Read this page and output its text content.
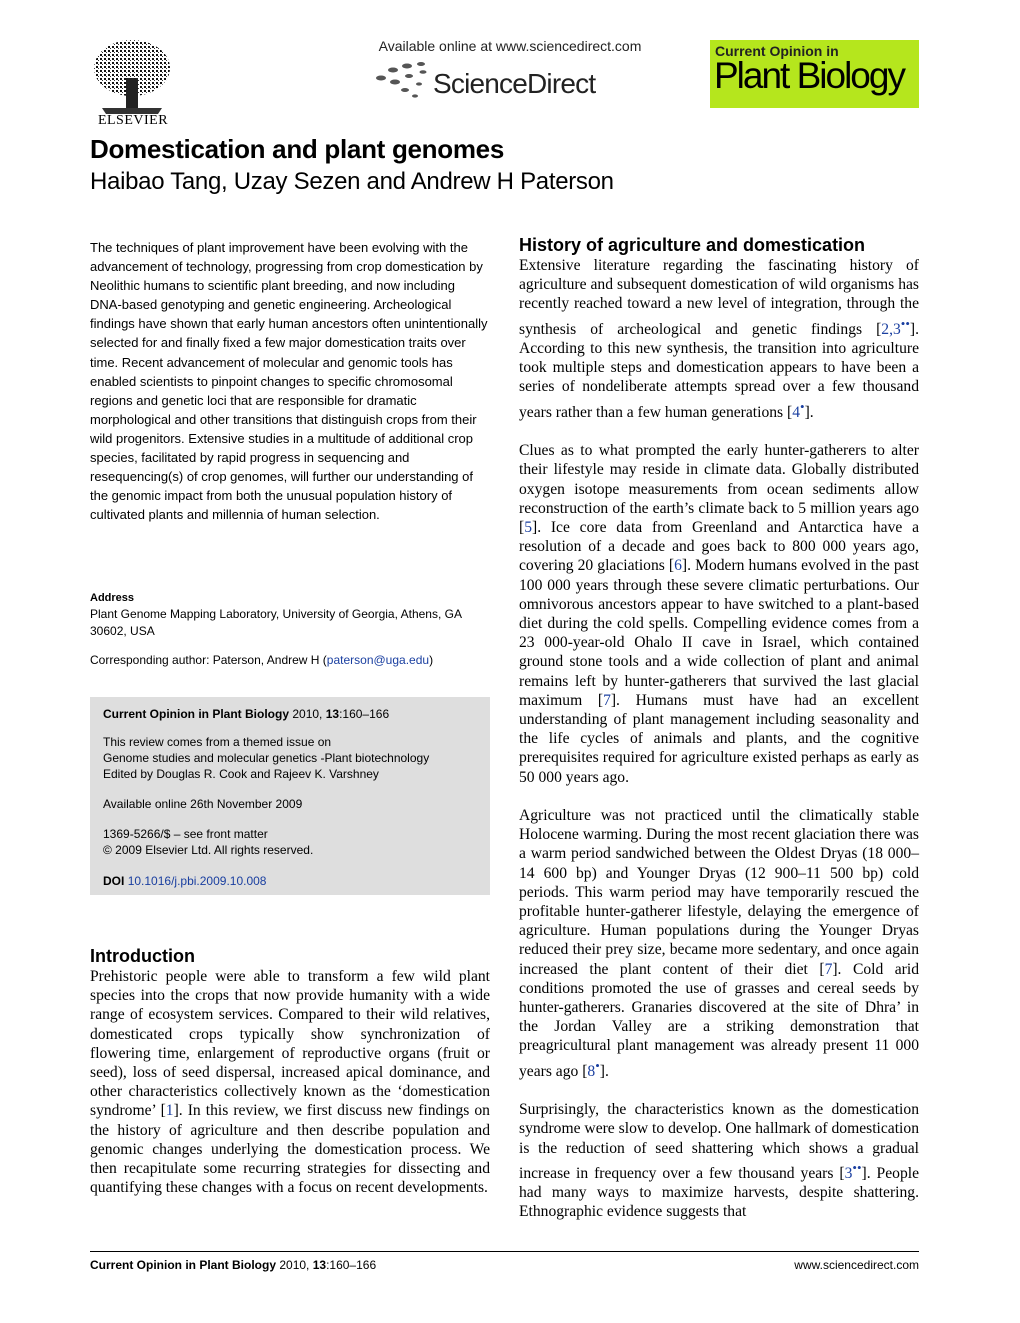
ELSEVIER
Available online at www.sciencedirect.com
ScienceDirect
Current Opinion in
Plant Biology
Domestication and plant genomes
Haibao Tang, Uzay Sezen and Andrew H Paterson

The techniques of plant improvement have been evolving with the advancement of technology, progressing from crop domestication by Neolithic humans to scientific plant breeding, and now including DNA-based genotyping and genetic engineering. Archeological findings have shown that early human ancestors often unintentionally selected for and finally fixed a few major domestication traits over time. Recent advancement of molecular and genomic tools has enabled scientists to pinpoint changes to specific chromosomal regions and genetic loci that are responsible for dramatic morphological and other transitions that distinguish crops from their wild progenitors. Extensive studies in a multitude of additional crop species, facilitated by rapid progress in sequencing and resequencing(s) of crop genomes, will further our understanding of the genomic impact from both the unusual population history of cultivated plants and millennia of human selection.

Address
Plant Genome Mapping Laboratory, University of Georgia, Athens, GA
30602, USA
Corresponding author: Paterson, Andrew H (paterson@uga.edu)
Current Opinion in Plant Biology 2010, 13:160–166
This review comes from a themed issue on
Genome studies and molecular genetics -Plant biotechnology
Edited by Douglas R. Cook and Rajeev K. Varshney
Available online 26th November 2009
1369-5266/$ – see front matter
© 2009 Elsevier Ltd. All rights reserved.
DOI 10.1016/j.pbi.2009.10.008
Introduction

Prehistoric people were able to transform a few wild plant species into the crops that now provide humanity with a wide range of ecosystem services. Compared to their wild relatives, domesticated crops typically show synchronization of flowering time, enlargement of reproductive organs (fruit or seed), loss of seed dispersal, increased apical dominance, and other characteristics collectively known as the ‘domestication syndrome’ [1]. In this review, we first discuss new findings on the history of agriculture and then describe population and genomic changes underlying the domestication process. We then recapitulate some recurring strategies for dissecting and quantifying these changes with a focus on recent developments.

History of agriculture and domestication

Extensive literature regarding the fascinating history of agriculture and subsequent domestication of wild organisms has recently reached toward a new level of integration, through the synthesis of archeological and genetic findings [2,3••]. According to this new synthesis, the transition into agriculture took multiple steps and domestication appears to have been a series of nondeliberate attempts spread over a few thousand years rather than a few human generations [4•].

Clues as to what prompted the early hunter-gatherers to alter their lifestyle may reside in climate data. Globally distributed oxygen isotope measurements from ocean sediments allow reconstruction of the earth’s climate back to 5 million years ago [5]. Ice core data from Greenland and Antarctica have a resolution of a decade and goes back to 800 000 years ago, covering 20 glaciations [6]. Modern humans evolved in the past 100 000 years through these severe climatic perturbations. Our omnivorous ancestors appear to have switched to a plant-based diet during the cold spells. Compelling evidence comes from a 23 000-year-old Ohalo II cave in Israel, which contained ground stone tools and a wide collection of plant and animal remains left by hunter-gatherers that survived the last glacial maximum [7]. Humans must have had an excellent understanding of plant management including seasonality and the life cycles of animals and plants, and the cognitive prerequisites required for agriculture existed perhaps as early as 50 000 years ago.

Agriculture was not practiced until the climatically stable Holocene warming. During the most recent glaciation there was a warm period sandwiched between the Oldest Dryas (18 000–14 600 bp) and Younger Dryas (12 900–11 500 bp) cold periods. This warm period may have temporarily rescued the profitable hunter-gatherer lifestyle, delaying the emergence of agriculture. Human populations during the Younger Dryas reduced their prey size, became more sedentary, and once again increased the plant content of their diet [7]. Cold arid conditions promoted the use of grasses and cereal seeds by hunter-gatherers. Granaries discovered at the site of Dhra’ in the Jordan Valley are a striking demonstration that preagricultural plant management was already present 11 000 years ago [8•].

Surprisingly, the characteristics known as the domestication syndrome were slow to develop. One hallmark of domestication is the reduction of seed shattering which shows a gradual increase in frequency over a few thousand years [3••]. People had many ways to maximize harvests, despite shattering. Ethnographic evidence suggests that

Current Opinion in Plant Biology 2010, 13:160–166	www.sciencedirect.com
